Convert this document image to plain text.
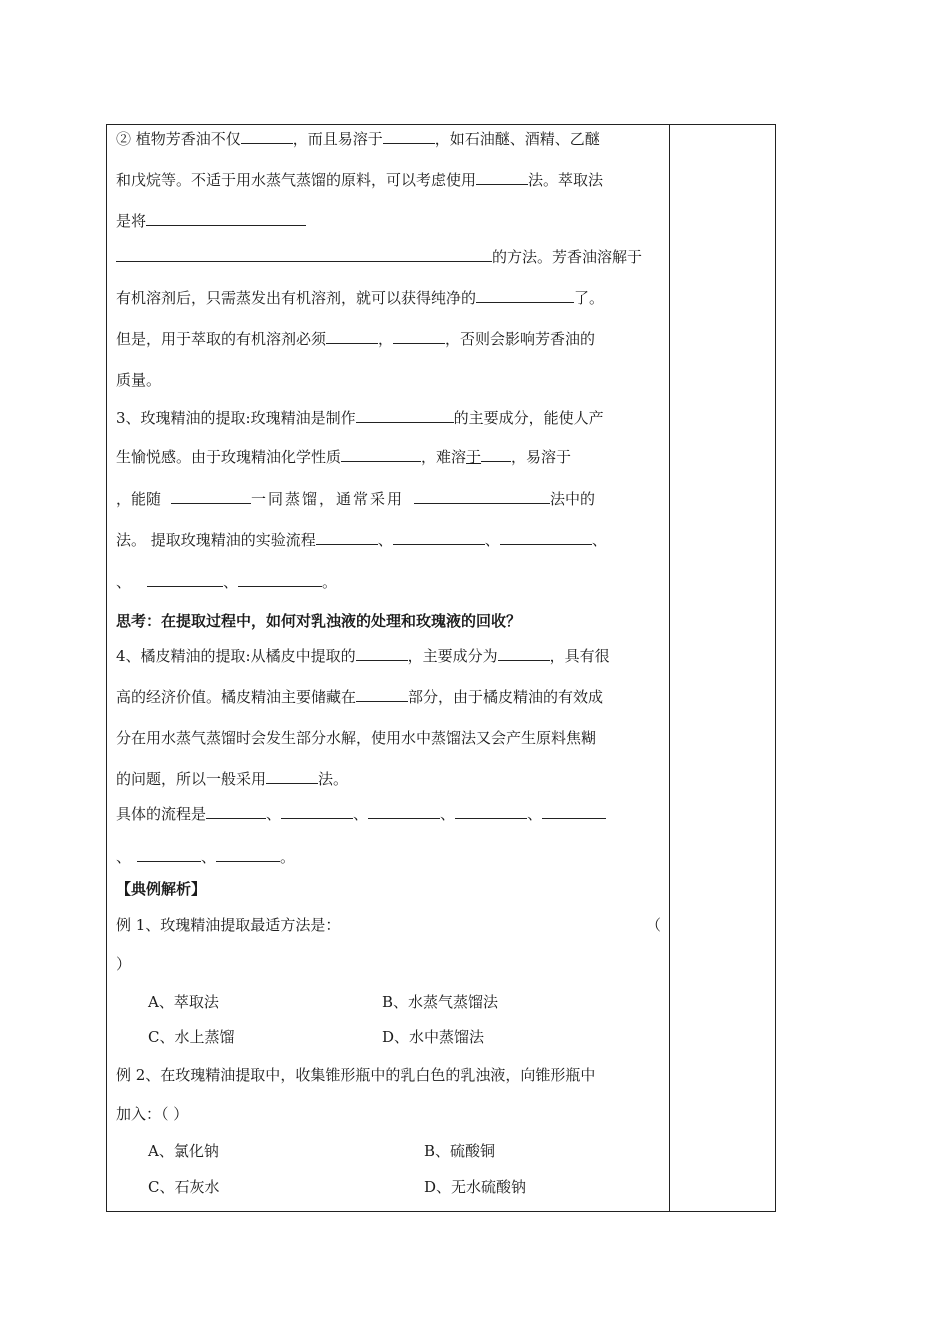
② 植物芳香油不仅	，而且易溶于	，如石油醚、酒精、乙醚
和戊烷等。不适于用水蒸气蒸馏的原料，可以考虑使用	法。萃取法
是将
的方法。芳香油溶解于
有机溶剂后，只需蒸发出有机溶剂，就可以获得纯净的	了。
但是，用于萃取的有机溶剂必须	，	，否则会影响芳香油的
质量。
3、玫瑰精油的提取:玫瑰精油是制作	的主要成分，能使人产
生愉悦感。由于玫瑰精油化学性质	，难溶于 ，易溶于
，能随	一同蒸馏，通常采用	法中的
法。 提取玫瑰精油的实验流程	、	、	、
、	、	。
思考：在提取过程中，如何对乳浊液的处理和玫瑰液的回收？
4、橘皮精油的提取:从橘皮中提取的	，主要成分为	，具有很
高的经济价值。橘皮精油主要储藏在	部分，由于橘皮精油的有效成
分在用水蒸气蒸馏时会发生部分水解，使用水中蒸馏法又会产生原料焦糊
的问题，所以一般采用	法。
具体的流程是	、	、	、	、
、	、	。
【典例解析】
例 1、玫瑰精油提取最适方法是：	（
）
A、萃取法	B、水蒸气蒸馏法
C、水上蒸馏	D、水中蒸馏法
例 2、在玫瑰精油提取中，收集锥形瓶中的乳白色的乳浊液，向锥形瓶中
加入：（ ）
A、氯化钠	B、硫酸铜
C、石灰水	D、无水硫酸钠
